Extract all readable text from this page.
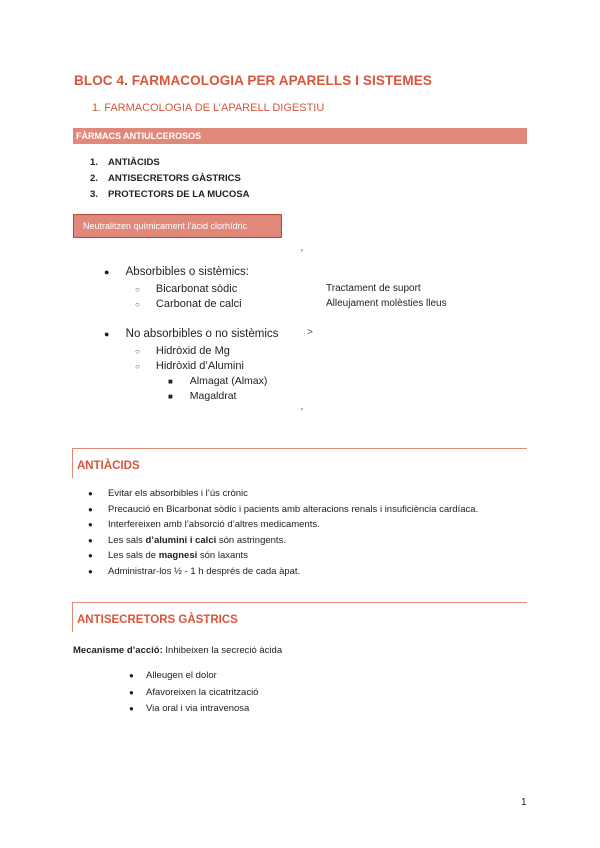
BLOC 4. FARMACOLOGIA PER APARELLS I SISTEMES
1. FARMACOLOGIA DE L’APARELL DIGESTIU
FÀRMACS ANTIULCEROSOS
1. ANTIÀCIDS
2. ANTISECRETORS GÀSTRICS
3. PROTECTORS DE LA MUCOSA
Neutralitzen químicament l’àcid clorhídric
′
>
′
● Absorbibles o sistèmics:
○ Bicarbonat sòdic
○ Carbonat de calci
Tractament de suport
Alleujament molèsties lleus
● No absorbibles o no sistèmics
○ Hidròxid de Mg
○ Hidròxid d’Alumini
■ Almagat (Almax)
■ Magaldrat
ANTIÀCIDS
● Evitar els absorbibles i l’ús crònic
● Precaució en Bicarbonat sòdic i pacients amb alteracions renals i insuficiència cardíaca.
● Interfereixen amb l’absorció d’altres medicaments.
● Les sals d’alumini i calci són astringents.
● Les sals de magnesi són laxants
● Administrar-los ½ - 1 h després de cada àpat.
ANTISECRETORS GÀSTRICS
Mecanisme d’acció: Inhibeixen la secreció àcida
● Alleugen el dolor
● Afavoreixen la cicatrització
● Via oral i via intravenosa
1
